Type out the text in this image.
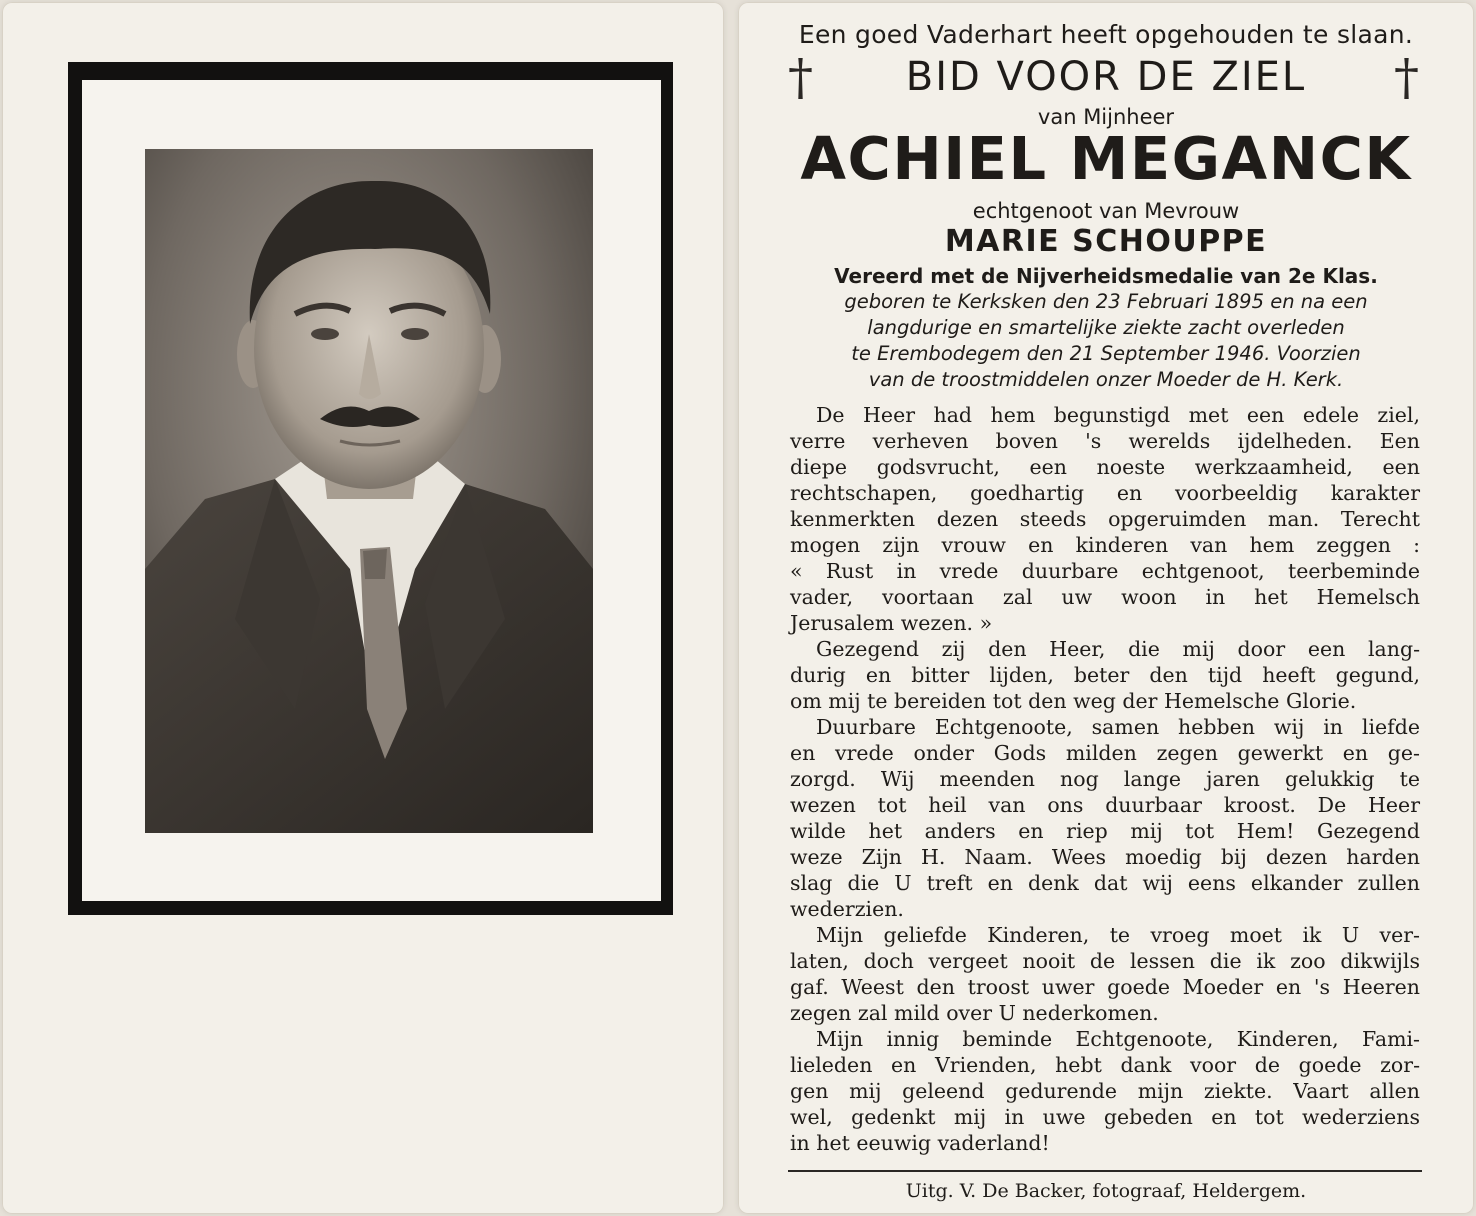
Een goed Vaderhart heeft opgehouden te slaan.
†	†
BID VOOR DE ZIEL
van Mijnheer
ACHIEL MEGANCK
echtgenoot van Mevrouw
MARIE SCHOUPPE
Vereerd met de Nijverheidsmedalie van 2e Klas.
geboren te Kerksken den 23 Februari 1895 en na een
langdurige en smartelijke ziekte zacht overleden
te Erembodegem den 21 September 1946. Voorzien
van de troostmiddelen onzer Moeder de H. Kerk.
De Heer had hem begunstigd met een edele ziel,
verre verheven boven 's werelds ijdelheden. Een
diepe godsvrucht, een noeste werkzaamheid, een
rechtschapen, goedhartig en voorbeeldig karakter
kenmerkten dezen steeds opgeruimden man. Terecht
mogen zijn vrouw en kinderen van hem zeggen :
« Rust in vrede duurbare echtgenoot, teerbeminde
vader, voortaan zal uw woon in het Hemelsch
Jerusalem wezen. »
Gezegend zij den Heer, die mij door een lang-
durig en bitter lijden, beter den tijd heeft gegund,
om mij te bereiden tot den weg der Hemelsche Glorie.
Duurbare Echtgenoote, samen hebben wij in liefde
en vrede onder Gods milden zegen gewerkt en ge-
zorgd. Wij meenden nog lange jaren gelukkig te
wezen tot heil van ons duurbaar kroost. De Heer
wilde het anders en riep mij tot Hem! Gezegend
weze Zijn H. Naam. Wees moedig bij dezen harden
slag die U treft en denk dat wij eens elkander zullen
wederzien.
Mijn geliefde Kinderen, te vroeg moet ik U ver-
laten, doch vergeet nooit de lessen die ik zoo dikwijls
gaf. Weest den troost uwer goede Moeder en 's Heeren
zegen zal mild over U nederkomen.
Mijn innig beminde Echtgenoote, Kinderen, Fami-
lieleden en Vrienden, hebt dank voor de goede zor-
gen mij geleend gedurende mijn ziekte. Vaart allen
wel, gedenkt mij in uwe gebeden en tot wederziens
in het eeuwig vaderland!
Uitg. V. De Backer, fotograaf, Heldergem.
